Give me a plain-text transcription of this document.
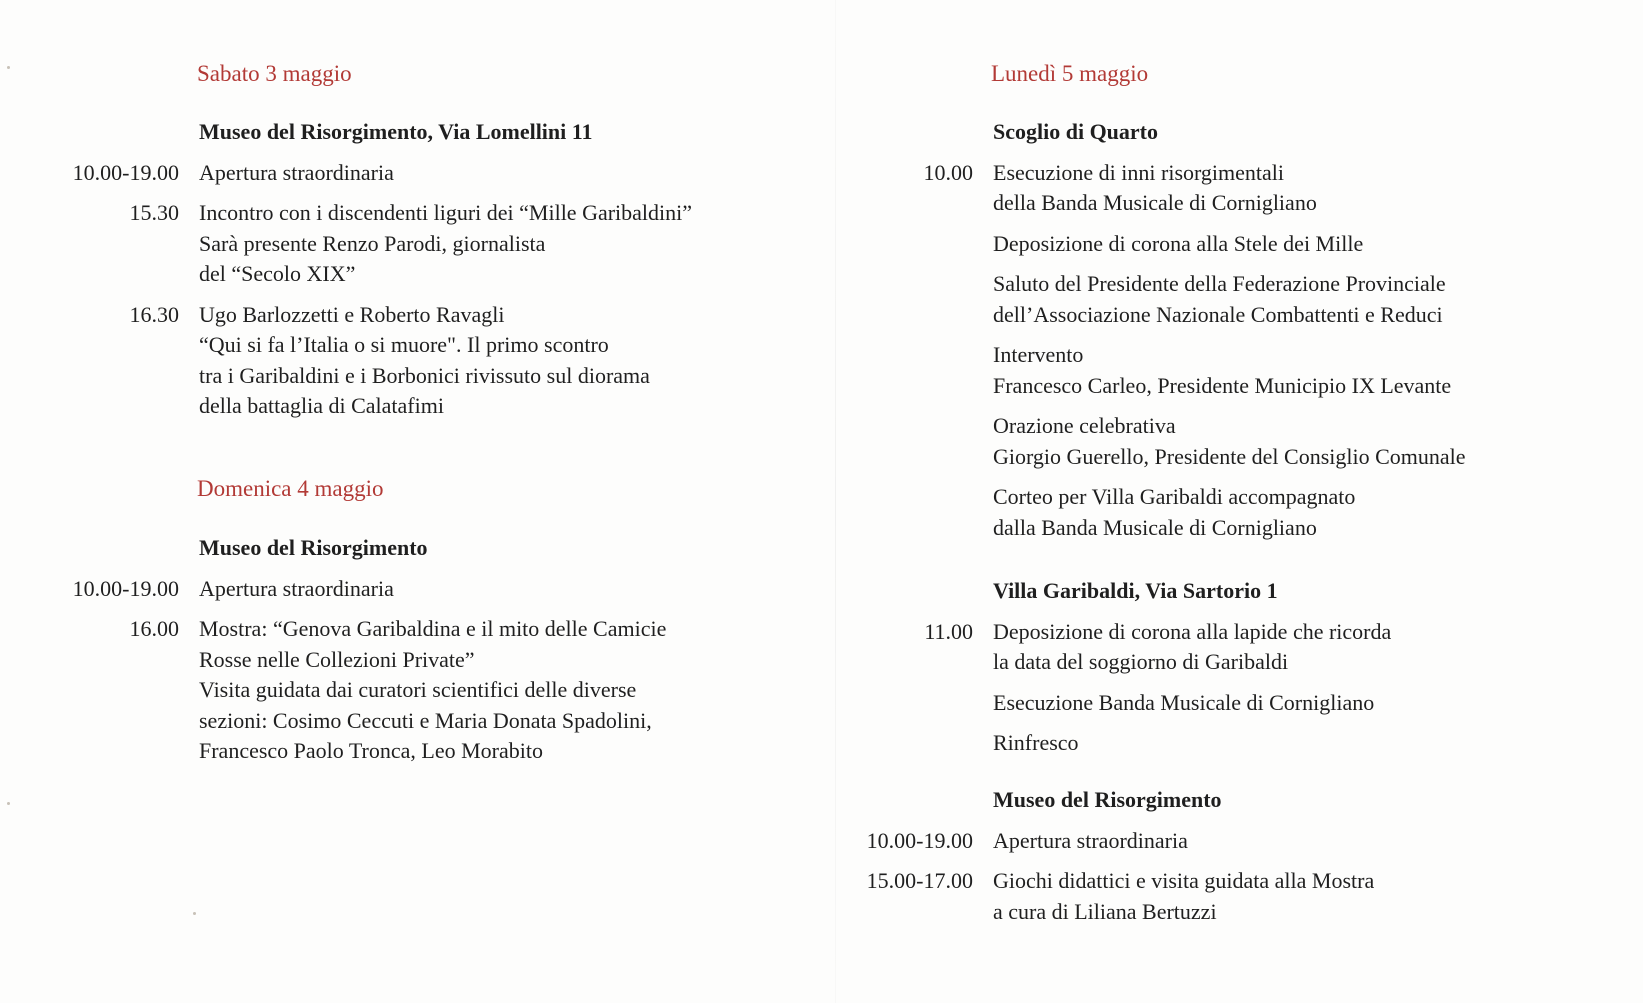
Sabato 3 maggio
Museo del Risorgimento, Via Lomellini 11
10.00-19.00 Apertura straordinaria
15.30 Incontro con i discendenti liguri dei “Mille Garibaldini”
Sarà presente Renzo Parodi, giornalista
del “Secolo XIX”
16.30 Ugo Barlozzetti e Roberto Ravagli
“Qui si fa l’Italia o si muore". Il primo scontro
tra i Garibaldini e i Borbonici rivissuto sul diorama
della battaglia di Calatafimi
Domenica 4 maggio
Museo del Risorgimento
10.00-19.00 Apertura straordinaria
16.00 Mostra: “Genova Garibaldina e il mito delle Camicie
Rosse nelle Collezioni Private”
Visita guidata dai curatori scientifici delle diverse
sezioni: Cosimo Ceccuti e Maria Donata Spadolini,
Francesco Paolo Tronca, Leo Morabito
Lunedì 5 maggio
Scoglio di Quarto
10.00 Esecuzione di inni risorgimentali
della Banda Musicale di Cornigliano
Deposizione di corona alla Stele dei Mille
Saluto del Presidente della Federazione Provinciale
dell’Associazione Nazionale Combattenti e Reduci
Intervento
Francesco Carleo, Presidente Municipio IX Levante
Orazione celebrativa
Giorgio Guerello, Presidente del Consiglio Comunale
Corteo per Villa Garibaldi accompagnato
dalla Banda Musicale di Cornigliano
Villa Garibaldi, Via Sartorio 1
11.00 Deposizione di corona alla lapide che ricorda
la data del soggiorno di Garibaldi
Esecuzione Banda Musicale di Cornigliano
Rinfresco
Museo del Risorgimento
10.00-19.00 Apertura straordinaria
15.00-17.00 Giochi didattici e visita guidata alla Mostra
a cura di Liliana Bertuzzi
